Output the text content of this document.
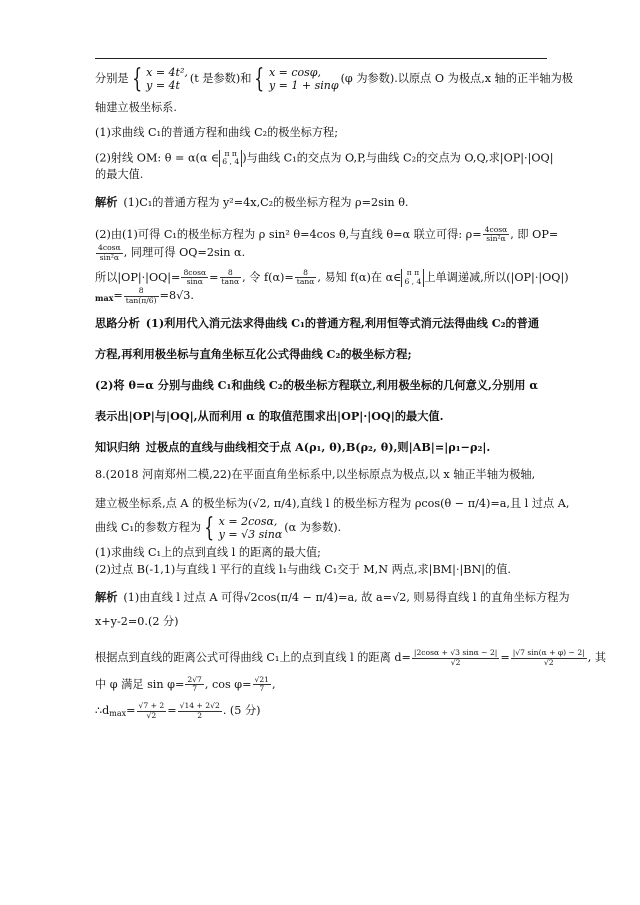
分别是 { x = 4t²,
y = 4t
(t 是参数)和 { x = cosφ,
y = 1 + sinφ
(φ 为参数).以原点 O 为极点,x 轴的正半轴为极
轴建立极坐标系.
(1)求曲线 C₁的普通方程和曲线 C₂的极坐标方程;
(2)射线 OM: θ = α(α ∈ π π
6 , 4 )与曲线 C₁的交点为 O,P,与曲线 C₂的交点为 O,Q,求|OP|·|OQ|
的最大值.
解析 (1)C₁的普通方程为 y²=4x,C₂的极坐标方程为 ρ=2sin θ.
(2)由(1)可得 C₁的极坐标方程为 ρ sin² θ=4cos θ,与直线 θ=α 联立可得: $\rho= \frac{4\cos\alpha}{\text{sin²α}}$ , 即 OP=
$\frac{4\cos\alpha}{\text{sin²α}}$ , 同理可得 OQ=2sin α.
所以$|OP|\cdot|OQ|= \frac{8\cos\alpha}{\sin\alpha} = \frac{8}{\tan\alpha}$ , 令 $f(\alpha)= \frac{8}{\tan\alpha}$ , 易知 f(α)在 α∈ π π
6 , 4 上单调递减,所以(|OP|·|OQ|)
$_{max}= \frac{8}{\tan(\pi/6)} =8√3$.
思路分析 (1)利用代入消元法求得曲线 C₁的普通方程,利用恒等式消元法得曲线 C₂的普通
方程,再利用极坐标与直角坐标互化公式得曲线 C₂的极坐标方程;
(2)将 θ=α 分别与曲线 C₁和曲线 C₂的极坐标方程联立,利用极坐标的几何意义,分别用 α
表示出|OP|与|OQ|,从而利用 α 的取值范围求出|OP|·|OQ|的最大值.
知识归纳 过极点的直线与曲线相交于点 A(ρ₁, θ),B(ρ₂, θ),则|AB|=|ρ₁−ρ₂|.
8.(2018 河南郑州二模,22)在平面直角坐标系中,以坐标原点为极点,以 x 轴正半轴为极轴,
建立极坐标系,点 A 的极坐标为(√2, π/4),直线 l 的极坐标方程为 ρcos(θ − π/4)=a,且 l 过点 A,
曲线 C₁的参数方程为 { x = 2cosα,
y = √3 sinα
(α 为参数).
(1)求曲线 C₁上的点到直线 l 的距离的最大值;
(2)过点 B(-1,1)与直线 l 平行的直线 l₁与曲线 C₁交于 M,N 两点,求|BM|·|BN|的值.
解析 (1)由直线 l 过点 A 可得√2cos(π/4 − π/4)=a, 故 a=√2, 则易得直线 l 的直角坐标方程为
x+y-2=0.(2 分)
根据点到直线的距离公式可得曲线 C₁上的点到直线 l 的距离 $d= \frac{|2\cos\alpha + √3 \sin\alpha - 2|}{√2} = \frac{|√7 \sin(\alpha + \varphi) - 2|}{√2}$ , 其
中 φ 满足 $\sin \varphi= \frac{2√7}{7}$ , $\cos \varphi= \frac{√21}{7}$ ,
$\therefore d_{max}= \frac{√7 + 2}{√2} = \frac{√14 + 2√2}{2}$ . (5 分)
